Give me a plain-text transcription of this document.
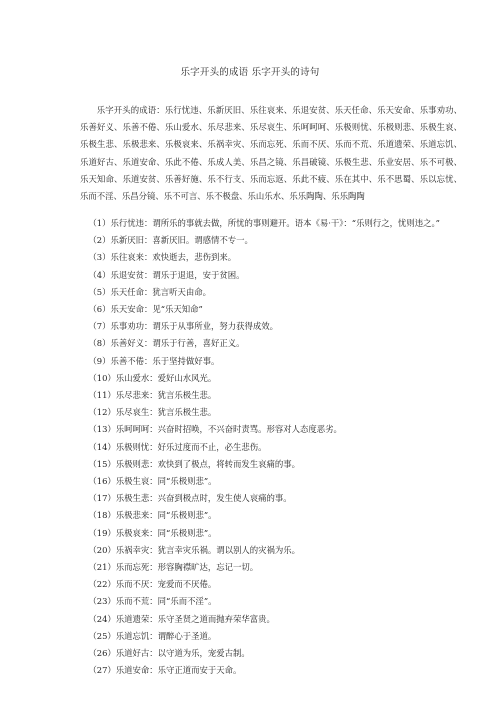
乐字开头的成语 乐字开头的诗句

乐字开头的成语：乐行忧违、乐新厌旧、乐往哀来、乐退安贫、乐天任命、乐天安命、乐事劝功、乐善好义、乐善不倦、乐山爱水、乐尽悲来、乐尽哀生、乐呵呵呵、乐极则忧、乐极则悲、乐极生哀、乐极生悲、乐极悲来、乐极哀来、乐祸幸灾、乐而忘死、乐而不厌、乐而不荒、乐道遗荣、乐道忘饥、乐道好古、乐道安命、乐此不倦、乐成人美、乐昌之镜、乐昌破镜、乐极生悲、乐业安居、乐不可极、乐天知命、乐道安贫、乐善好施、乐不行支、乐而忘返、乐此不疲、乐在其中、乐不思蜀、乐以忘忧、乐而不淫、乐昌分镜、乐不可言、乐不极盘、乐山乐水、乐乐陶陶、乐乐陶陶

（1）乐行忧违：谓所乐的事就去做，所忧的事则避开。语本《易·干》：“乐则行之，忧则违之。”
（2）乐新厌旧：喜新厌旧。谓感情不专一。
（3）乐往哀来：欢快逝去，悲伤到来。
（4）乐退安贫：谓乐于退退，安于贫困。
（5）乐天任命：犹言听天由命。
（6）乐天安命：见“乐天知命”
（7）乐事劝功：谓乐于从事所业，努力获得成效。
（8）乐善好义：谓乐于行善，喜好正义。
（9）乐善不倦：乐于坚持做好事。
（10）乐山爱水：爱好山水风光。
（11）乐尽悲来：犹言乐极生悲。
（12）乐尽哀生：犹言乐极生悲。
（13）乐呵呵呵：兴奋时招唤，不兴奋时责骂。形容对人态度恶劣。
（14）乐极则忧：好乐过度而不止，必生悲伤。
（15）乐极则悲：欢快到了极点，将转而发生哀痛的事。
（16）乐极生哀：同“乐极则悲”。
（17）乐极生悲：兴奋到极点时，发生使人哀痛的事。
（18）乐极悲来：同“乐极则悲”。
（19）乐极哀来：同“乐极则悲”。
（20）乐祸幸灾：犹言幸灾乐祸。谓以别人的灾祸为乐。
（21）乐而忘死：形容胸襟旷达，忘记一切。
（22）乐而不厌：宠爱而不厌倦。
（23）乐而不荒：同“乐而不淫”。
（24）乐道遗荣：乐守圣贤之道而抛弃荣华富贵。
（25）乐道忘饥：谓醉心于圣道。
（26）乐道好古：以守道为乐，宠爱古制。
（27）乐道安命：乐守正道而安于天命。
